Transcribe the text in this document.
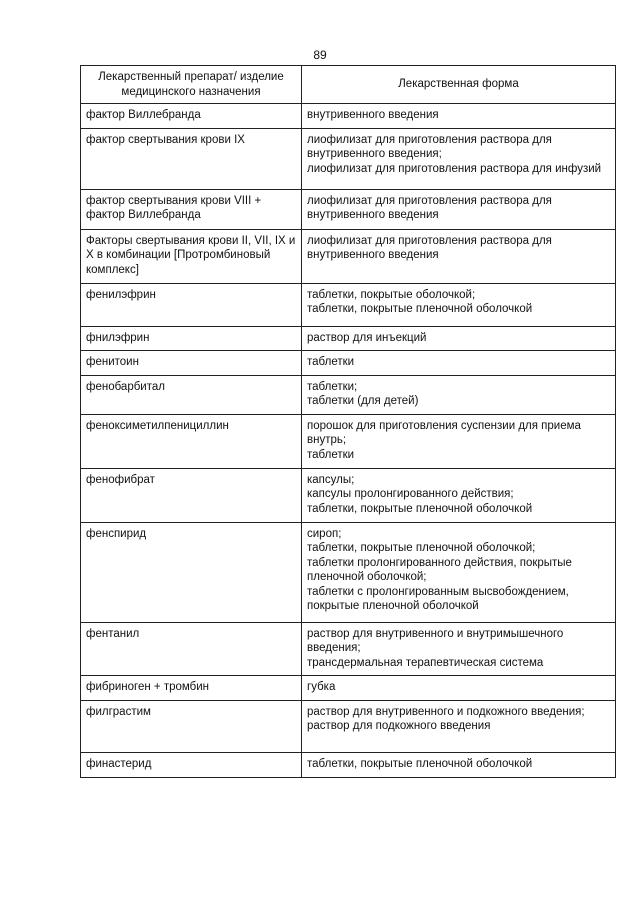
89
Лекарственный препарат/ изделие медицинского назначения	Лекарственная форма
фактор Виллебранда	внутривенного введения
фактор свертывания крови IX	лиофилизат для приготовления раствора для внутривенного введения;
лиофилизат для приготовления раствора для инфузий
фактор свертывания крови VIII + фактор Виллебранда	лиофилизат для приготовления раствора для внутривенного введения
Факторы свертывания крови II, VII, IX и X в комбинации [Протромбиновый комплекс]	лиофилизат для приготовления раствора для внутривенного введения
фенилэфрин	таблетки, покрытые оболочкой;
таблетки, покрытые пленочной оболочкой
фнилэфрин	раствор для инъекций
фенитоин	таблетки
фенобарбитал	таблетки;
таблетки (для детей)
феноксиметилпенициллин	порошок для приготовления суспензии для приема внутрь;
таблетки
фенофибрат	капсулы;
капсулы пролонгированного действия;
таблетки, покрытые пленочной оболочкой
фенспирид	сироп;
таблетки, покрытые пленочной оболочкой;
таблетки пролонгированного действия, покрытые пленочной оболочкой;
таблетки с пролонгированным высвобождением, покрытые пленочной оболочкой
фентанил	раствор для внутривенного и внутримышечного введения;
трансдермальная терапевтическая система
фибриноген + тромбин	губка
филграстим	раствор для внутривенного и подкожного введения;
раствор для подкожного введения
финастерид	таблетки, покрытые пленочной оболочкой
